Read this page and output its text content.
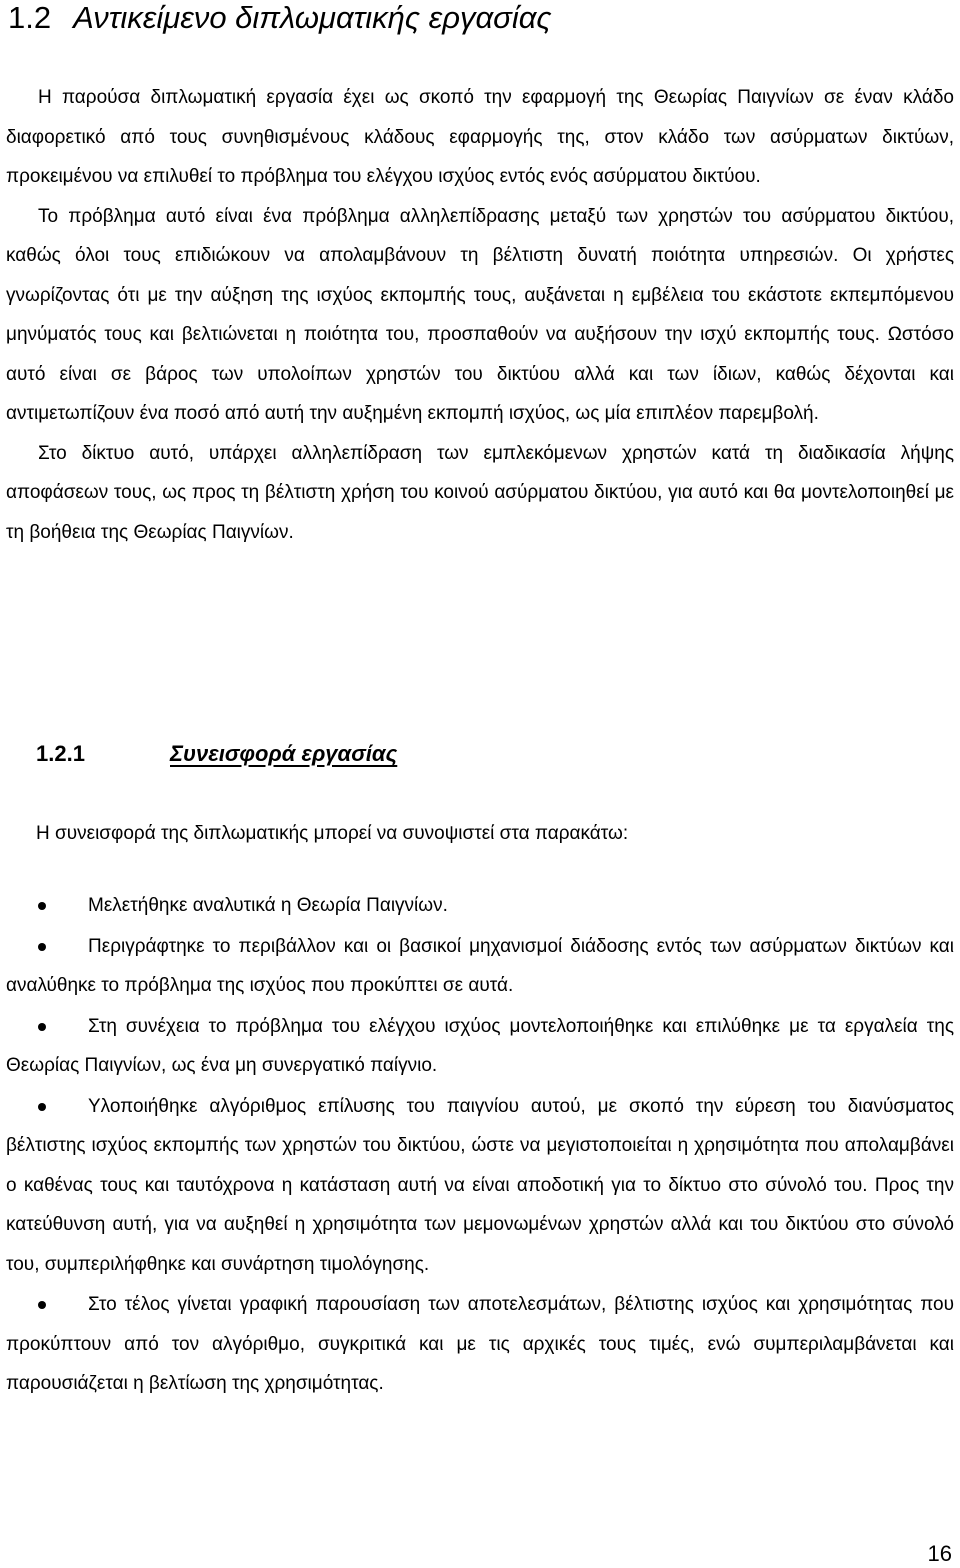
1.2 Αντικείμενο διπλωματικής εργασίας

Η παρούσα διπλωματική εργασία έχει ως σκοπό την εφαρμογή της Θεωρίας Παιγνίων σε έναν κλάδο διαφορετικό από τους συνηθισμένους κλάδους εφαρμογής της, στον κλάδο των ασύρματων δικτύων, προκειμένου να επιλυθεί το πρόβλημα του ελέγχου ισχύος εντός ενός ασύρματου δικτύου.

Το πρόβλημα αυτό είναι ένα πρόβλημα αλληλεπίδρασης μεταξύ των χρηστών του ασύρματου δικτύου, καθώς όλοι τους επιδιώκουν να απολαμβάνουν τη βέλτιστη δυνατή ποιότητα υπηρεσιών. Οι χρήστες γνωρίζοντας ότι με την αύξηση της ισχύος εκπομπής τους, αυξάνεται η εμβέλεια του εκάστοτε εκπεμπόμενου μηνύματός τους και βελτιώνεται η ποιότητα του, προσπαθούν να αυξήσουν την ισχύ εκπομπής τους. Ωστόσο αυτό είναι σε βάρος των υπολοίπων χρηστών του δικτύου αλλά και των ίδιων, καθώς δέχονται και αντιμετωπίζουν ένα ποσό από αυτή την αυξημένη εκπομπή ισχύος, ως μία επιπλέον παρεμβολή.

Στο δίκτυο αυτό, υπάρχει αλληλεπίδραση των εμπλεκόμενων χρηστών κατά τη διαδικασία λήψης αποφάσεων τους, ως προς τη βέλτιστη χρήση του κοινού ασύρματου δικτύου, για αυτό και θα μοντελοποιηθεί με τη βοήθεια της Θεωρίας Παιγνίων.

1.2.1	Συνεισφορά εργασίας

Η συνεισφορά της διπλωματικής μπορεί να συνοψιστεί στα παρακάτω:

Μελετήθηκε αναλυτικά η Θεωρία Παιγνίων.
Περιγράφτηκε το περιβάλλον και οι βασικοί μηχανισμοί διάδοσης εντός των ασύρματων δικτύων και αναλύθηκε το πρόβλημα της ισχύος που προκύπτει σε αυτά.
Στη συνέχεια το πρόβλημα του ελέγχου ισχύος μοντελοποιήθηκε και επιλύθηκε με τα εργαλεία της Θεωρίας Παιγνίων, ως ένα μη συνεργατικό παίγνιο.
Υλοποιήθηκε αλγόριθμος επίλυσης του παιγνίου αυτού, με σκοπό την εύρεση του διανύσματος βέλτιστης ισχύος εκπομπής των χρηστών του δικτύου, ώστε να μεγιστοποιείται η χρησιμότητα που απολαμβάνει ο καθένας τους και ταυτόχρονα η κατάσταση αυτή να είναι αποδοτική για το δίκτυο στο σύνολό του. Προς την κατεύθυνση αυτή, για να αυξηθεί η χρησιμότητα των μεμονωμένων χρηστών αλλά και του δικτύου στο σύνολό του, συμπεριλήφθηκε και συνάρτηση τιμολόγησης.
Στο τέλος γίνεται γραφική παρουσίαση των αποτελεσμάτων, βέλτιστης ισχύος και χρησιμότητας που προκύπτουν από τον αλγόριθμο, συγκριτικά και με τις αρχικές τους τιμές, ενώ συμπεριλαμβάνεται και παρουσιάζεται η βελτίωση της χρησιμότητας.
16
